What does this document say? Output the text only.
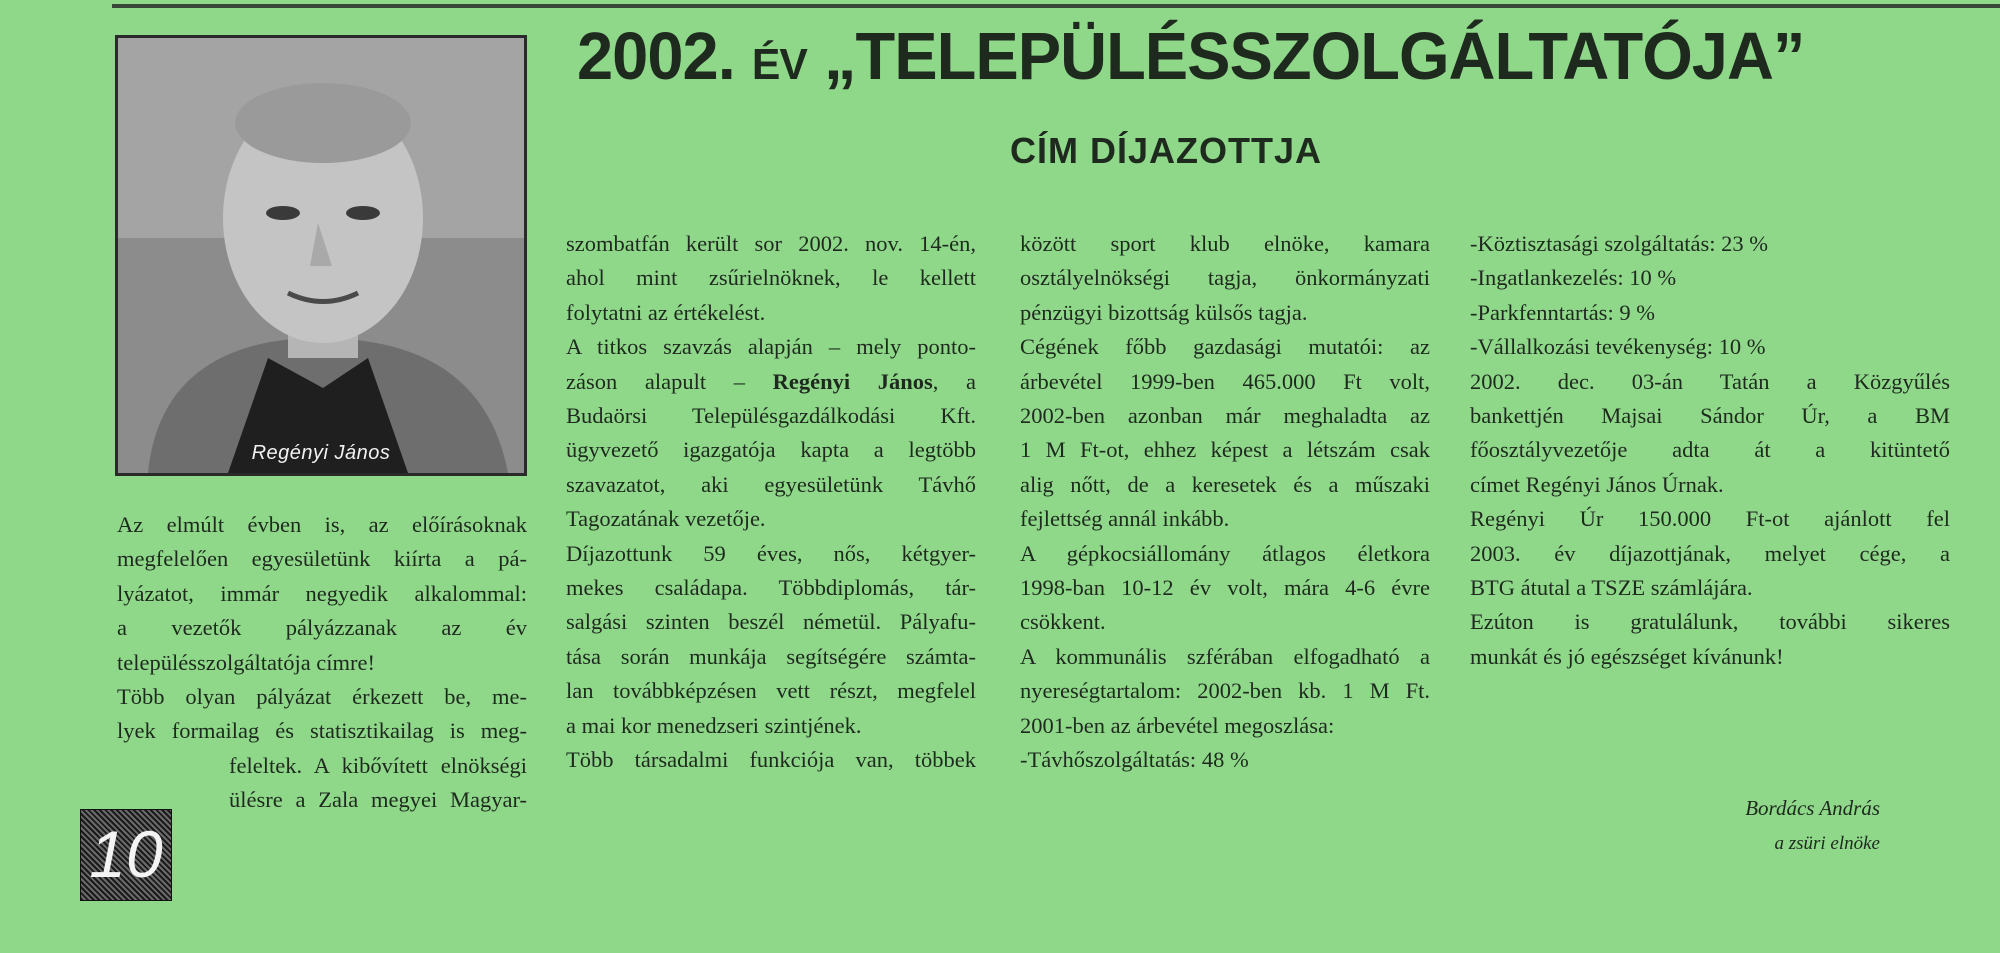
Regényi János
2002. ÉV „TELEPÜLÉSSZOLGÁLTATÓJA”
CÍM DÍJAZOTTJA

Az elmúlt évben is, az előírásoknak

megfelelően egyesületünk kiírta a pá-

lyázatot, immár negyedik alkalommal:

a vezetők pályázzanak az év

településszolgáltatója címre!

Több olyan pályázat érkezett be, me-

lyek formailag és statisztikailag is meg-

feleltek. A kibővített elnökségi

ülésre a Zala megyei Magyar-

10

szombatfán került sor 2002. nov. 14-én,

ahol mint zsűrielnöknek, le kellett

folytatni az értékelést.

A titkos szavzás alapján – mely ponto-

záson alapult – Regényi János, a

Budaörsi Településgazdálkodási Kft.

ügyvezető igazgatója kapta a legtöbb

szavazatot, aki egyesületünk Távhő

Tagozatának vezetője.

Díjazottunk 59 éves, nős, kétgyer-

mekes családapa. Többdiplomás, tár-

salgási szinten beszél németül. Pályafu-

tása során munkája segítségére számta-

lan továbbképzésen vett részt, megfelel

a mai kor menedzseri szintjének.

Több társadalmi funkciója van, többek

között sport klub elnöke, kamara

osztályelnökségi tagja, önkormányzati

pénzügyi bizottság külsős tagja.

Cégének főbb gazdasági mutatói: az

árbevétel 1999-ben 465.000 Ft volt,

2002-ben azonban már meghaladta az

1 M Ft-ot, ehhez képest a létszám csak

alig nőtt, de a keresetek és a műszaki

fejlettség annál inkább.

A gépkocsiállomány átlagos életkora

1998-ban 10-12 év volt, mára 4-6 évre

csökkent.

A kommunális szférában elfogadható a

nyereségtartalom: 2002-ben kb. 1 M Ft.

2001-ben az árbevétel megoszlása:

-Távhőszolgáltatás: 48 %

-Köztisztasági szolgáltatás: 23 %

-Ingatlankezelés: 10 %

-Parkfenntartás: 9 %

-Vállalkozási tevékenység: 10 %

2002. dec. 03-án Tatán a Közgyűlés

bankettjén Majsai Sándor Úr, a BM

főosztályvezetője adta át a kitüntető

címet Regényi János Úrnak.

Regényi Úr 150.000 Ft-ot ajánlott fel

2003. év díjazottjának, melyet cége, a

BTG átutal a TSZE számlájára.

Ezúton is gratulálunk, további sikeres

munkát és jó egészséget kívánunk!

Bordács András
a zsüri elnöke
